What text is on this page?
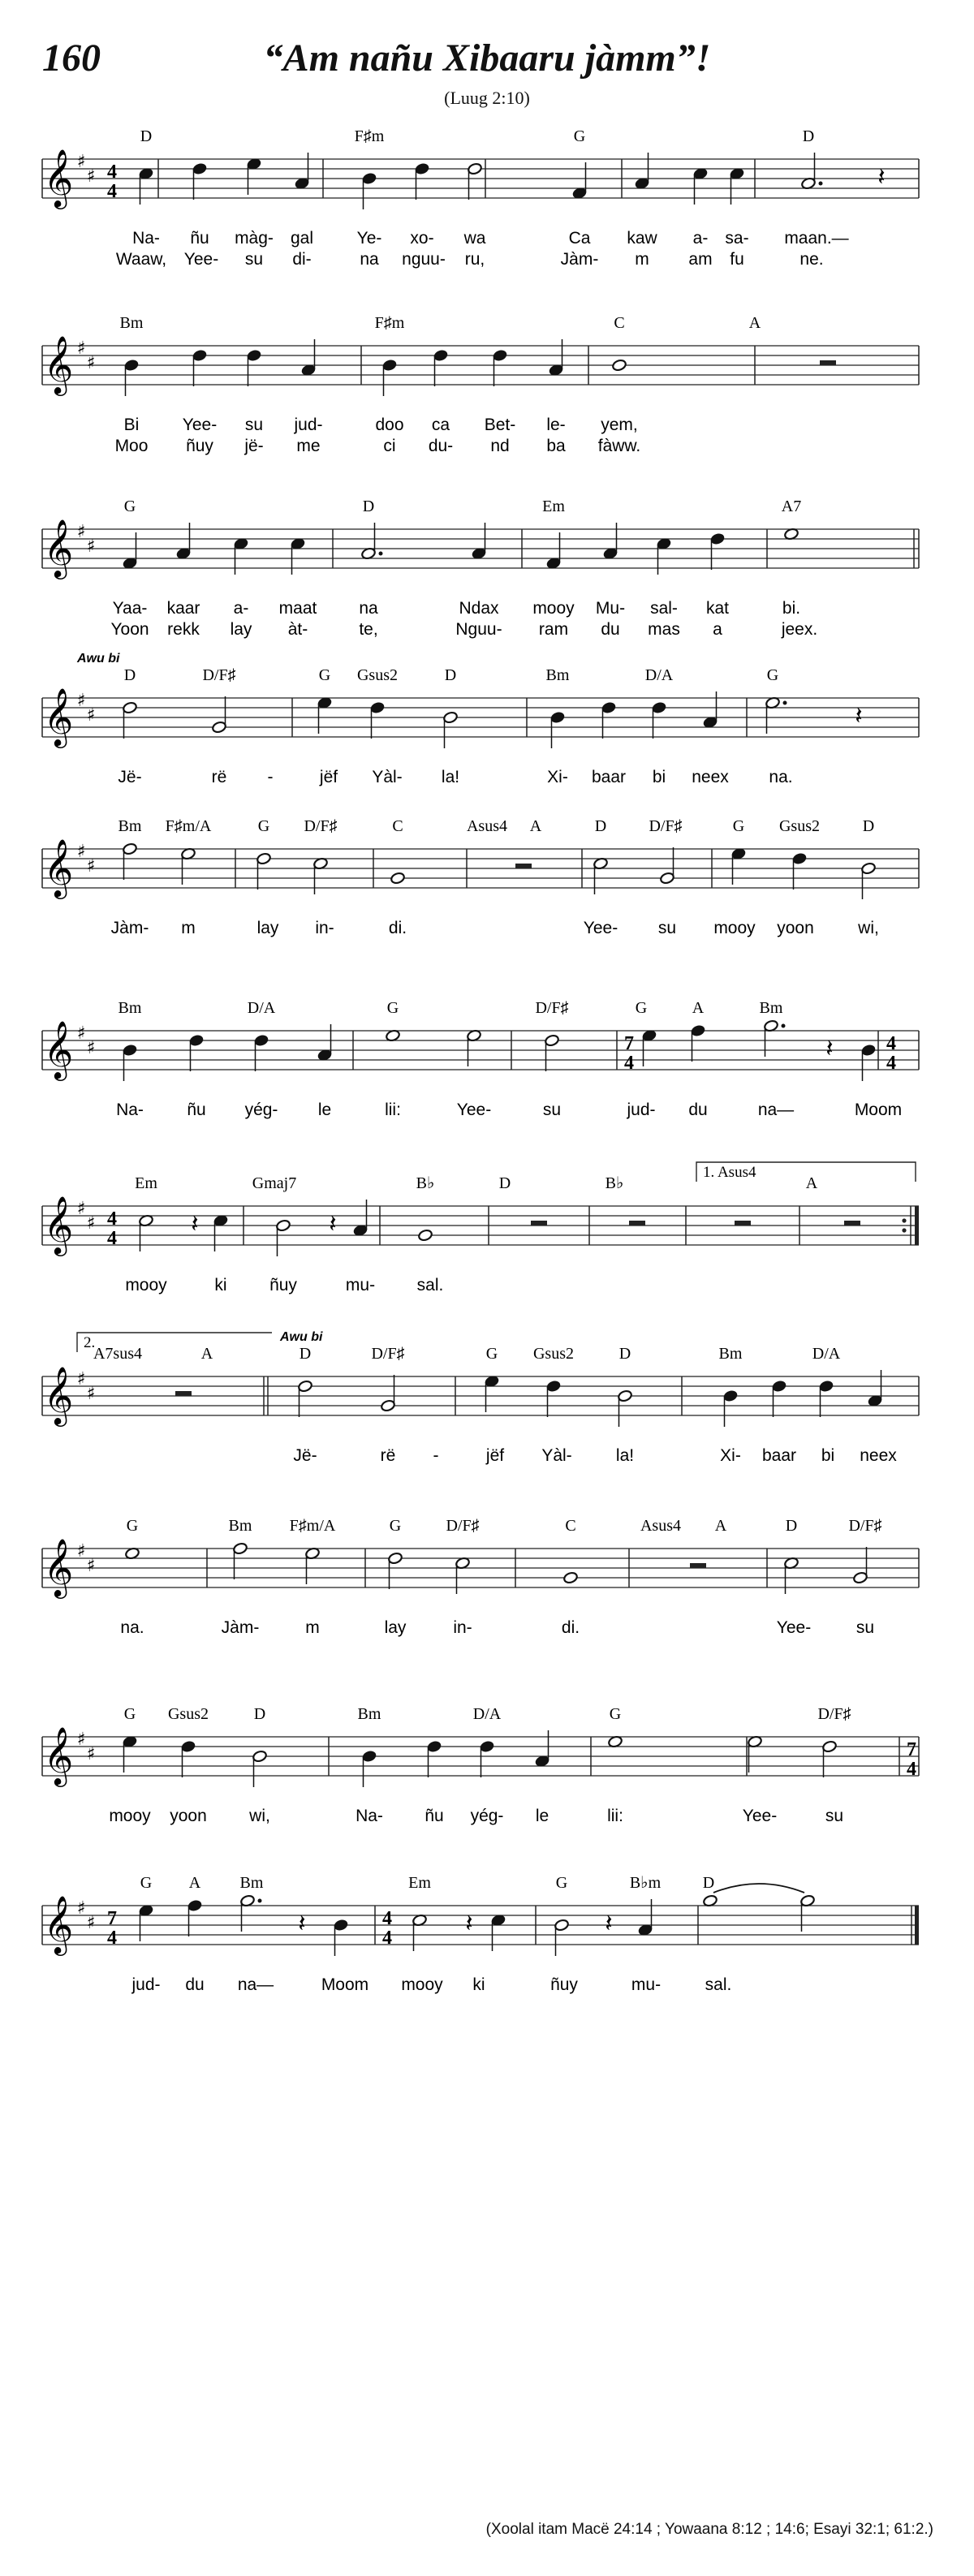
160	“Am nañu Xibaaru jàmm”!
(Luug 2:10)
𝄞 ♯
♯ 4
4
D	F♯m	G	D
𝄽
Na- ñu màg- gal	Ye- xo- wa	Ca kaw a- sa- maan.—
Waaw, Yee- su di-	na nguu- ru,	Jàm- m am fu	ne.
𝄞 ♯
♯
Bm	F♯m	C	A
Bi	Yee- su jud-	doo ca Bet- le- yem,
Moo ñuy jë- me	ci du- nd ba fàww.
𝄞 ♯
♯
G	D	Em	A7
Yaa- kaar a- maat na	Ndax mooy Mu- sal- kat	bi.
Yoon rekk lay àt-	te,	Nguu- ram du mas a	jeex.
𝄞 ♯
♯
Awu bi
D	D/F♯	G Gsus2	D	Bm	D/A	G
𝄽
Jë-	rë -	jëf Yàl- la!	Xi- baar bi neex na.
𝄞 ♯
♯
Bm F♯m/A	G D/F♯	C	Asus4 A	D	D/F♯	G Gsus2	D
Jàm- m	lay in-	di.	Yee- su mooy yoon	wi,
𝄞 ♯
♯	7
4
4
4
Bm	D/A	G	D/F♯	G	A	Bm
𝄽
Na-	ñu yég- le	lii:	Yee-	su	jud- du	na—	Moom
𝄞 ♯
♯ 4
4
1. Asus4
Em	Gmaj7	B♭	D	B♭	A
𝄽	𝄽
mooy	ki ñuy	mu- sal.
𝄞 ♯
♯
2.	Awu bi
A7sus4	A	D	D/F♯	G Gsus2	D	Bm	D/A
Jë-	rë -	jëf Yàl-	la!	Xi- baar bi neex
𝄞 ♯
♯
G	Bm F♯m/A	G	D/F♯	C	Asus4 A	D	D/F♯
na.	Jàm-	m	lay	in-	di.	Yee-	su
𝄞 ♯
♯	7
4
G Gsus2	D	Bm	D/A	G	D/F♯
mooy yoon wi,	Na- ñu yég- le	lii:	Yee-	su
𝄞 ♯
♯ 7
4
4
4
G A Bm	Em	G	B♭m	D
𝄽	𝄽	𝄽
jud- du na—	Moom mooy ki	ñuy	mu-	sal.
(Xoolal itam Macë 24:14 ; Yowaana 8:12 ; 14:6; Esayi 32:1; 61:2.)
